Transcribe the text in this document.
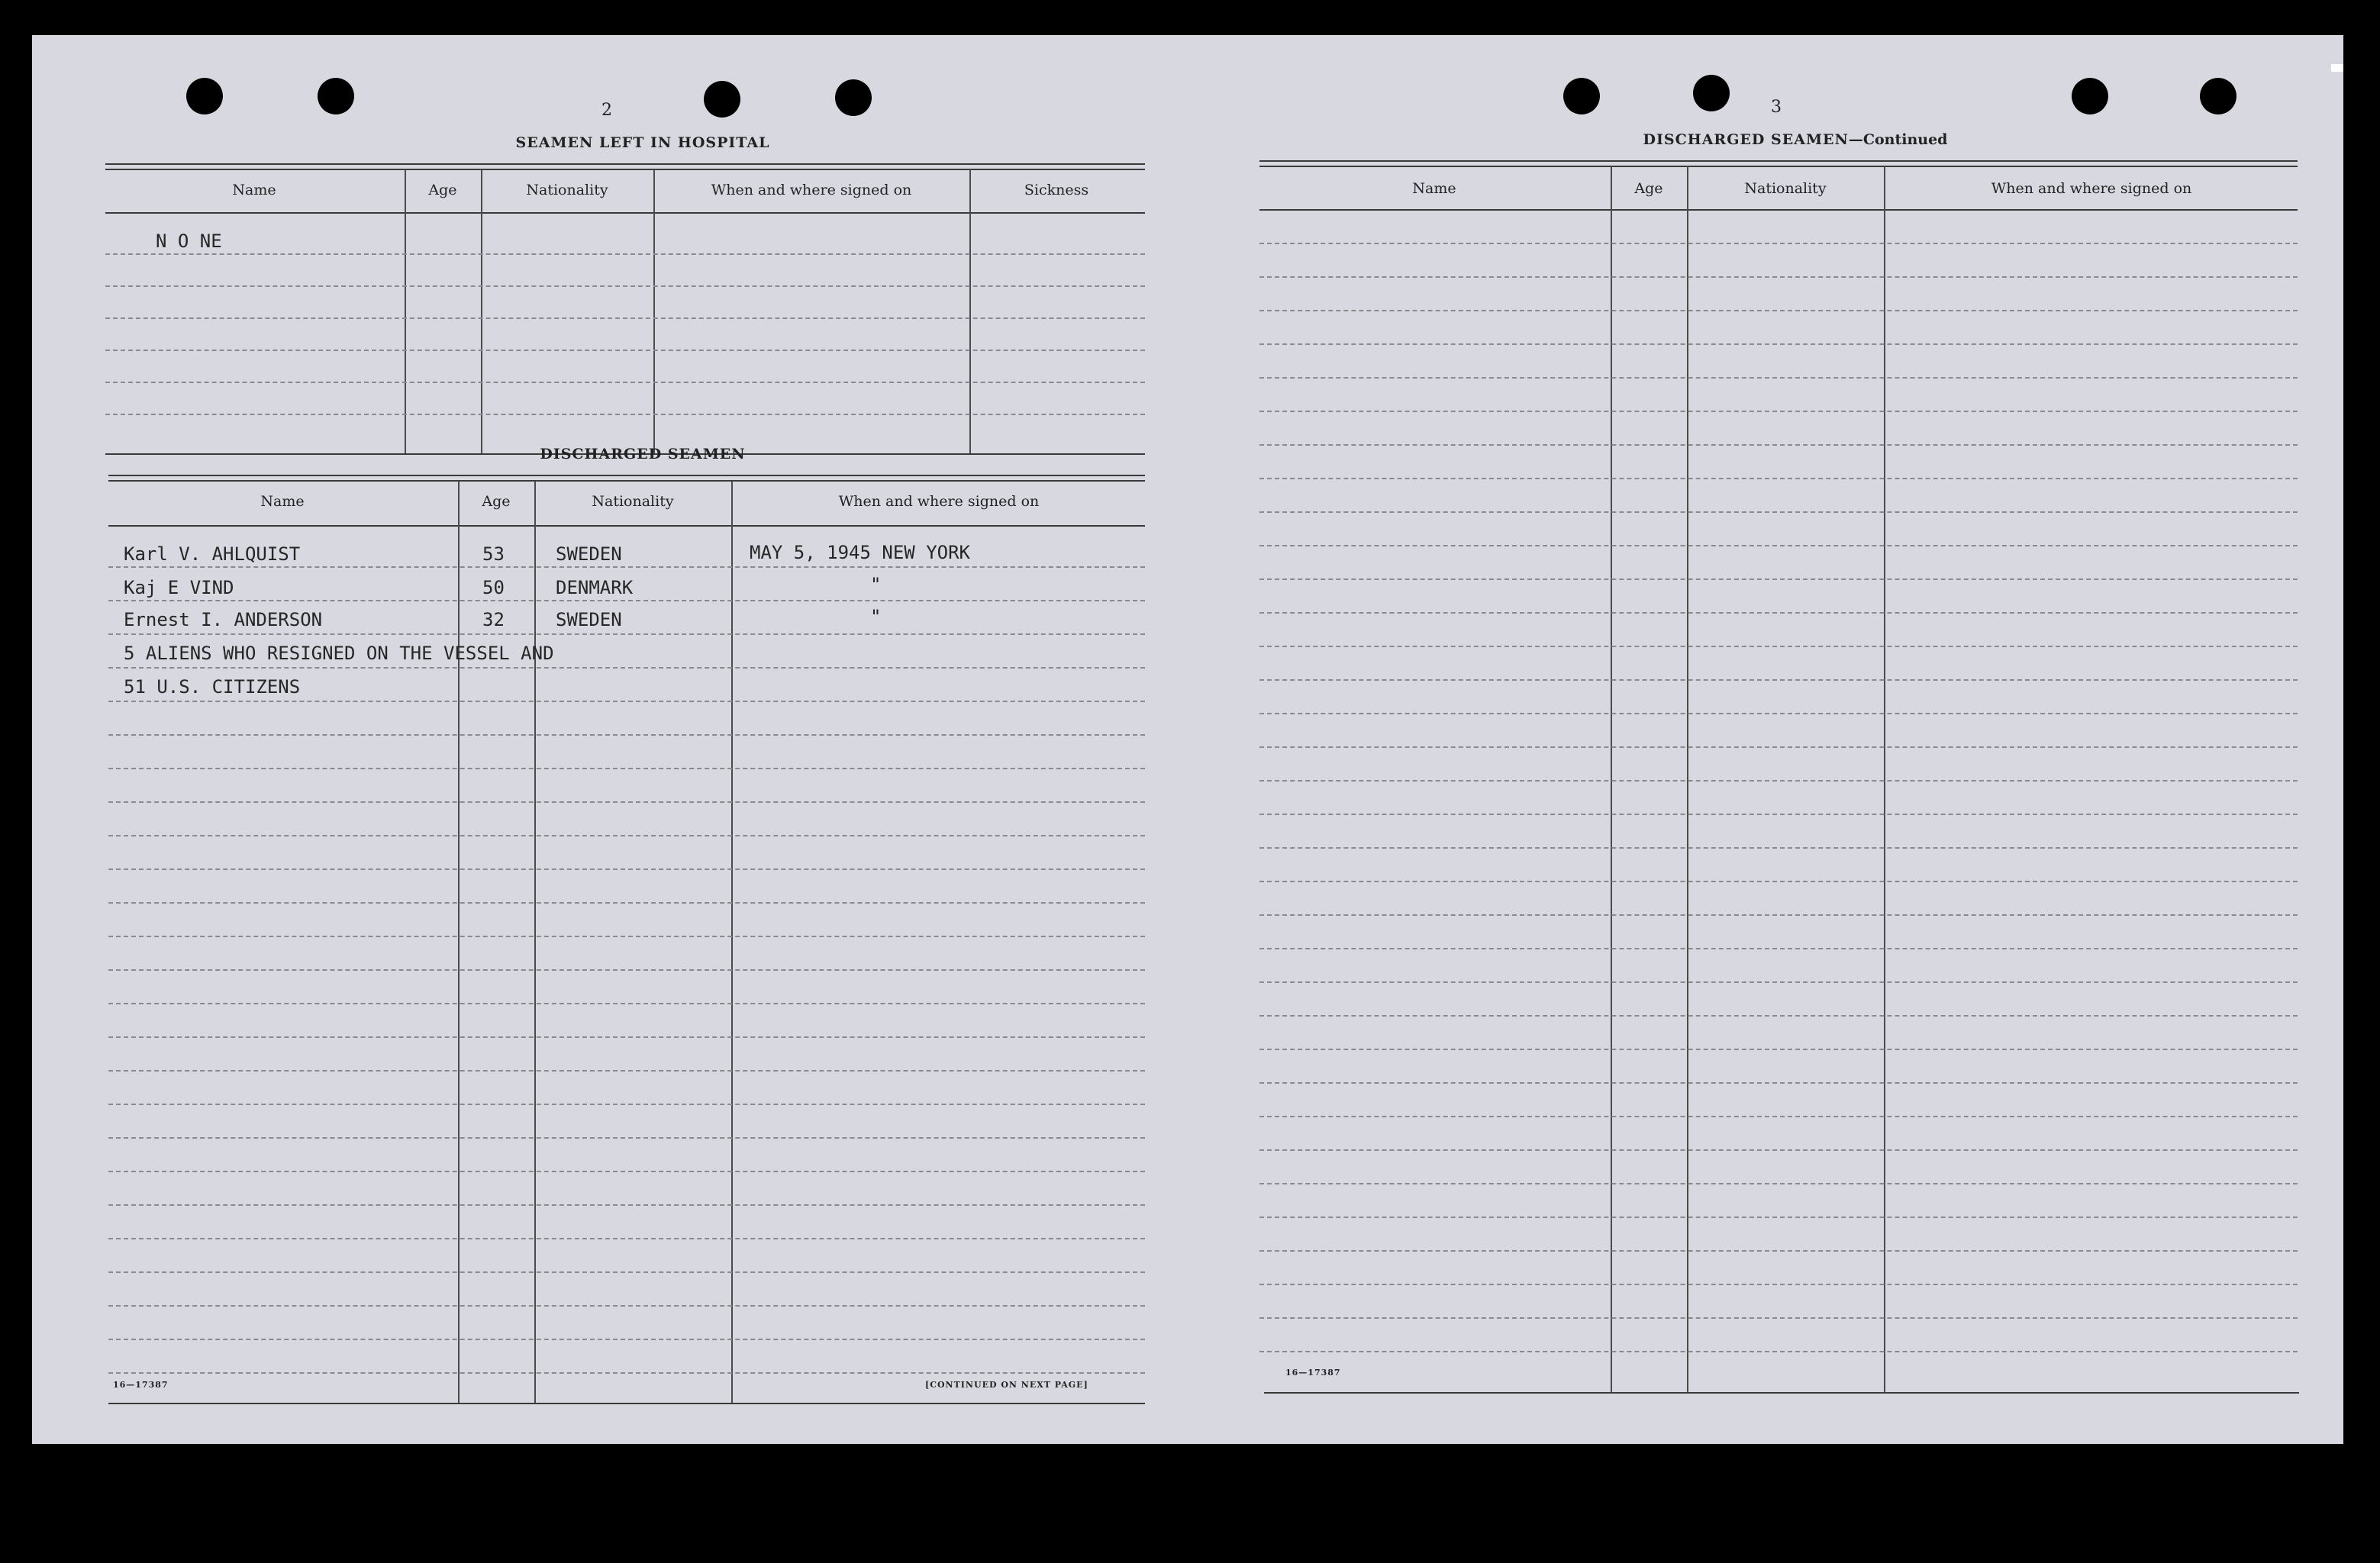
2
SEAMEN LEFT IN HOSPITAL
Name	Age	Nationality	When and where signed on	Sickness
N O NE
DISCHARGED SEAMEN
Name	Age	Nationality	When and where signed on
Karl V. AHLQUIST	53	SWEDEN	MAY 5, 1945 NEW YORK
Kaj E VIND	50	DENMARK	"
Ernest I. ANDERSON	32	SWEDEN	"
5 ALIENS WHO RESIGNED ON THE VESSEL AND
51 U.S. CITIZENS
16—17387	[CONTINUED ON NEXT PAGE]
3
DISCHARGED SEAMEN—Continued
Name	Age	Nationality	When and where signed on
16—17387
